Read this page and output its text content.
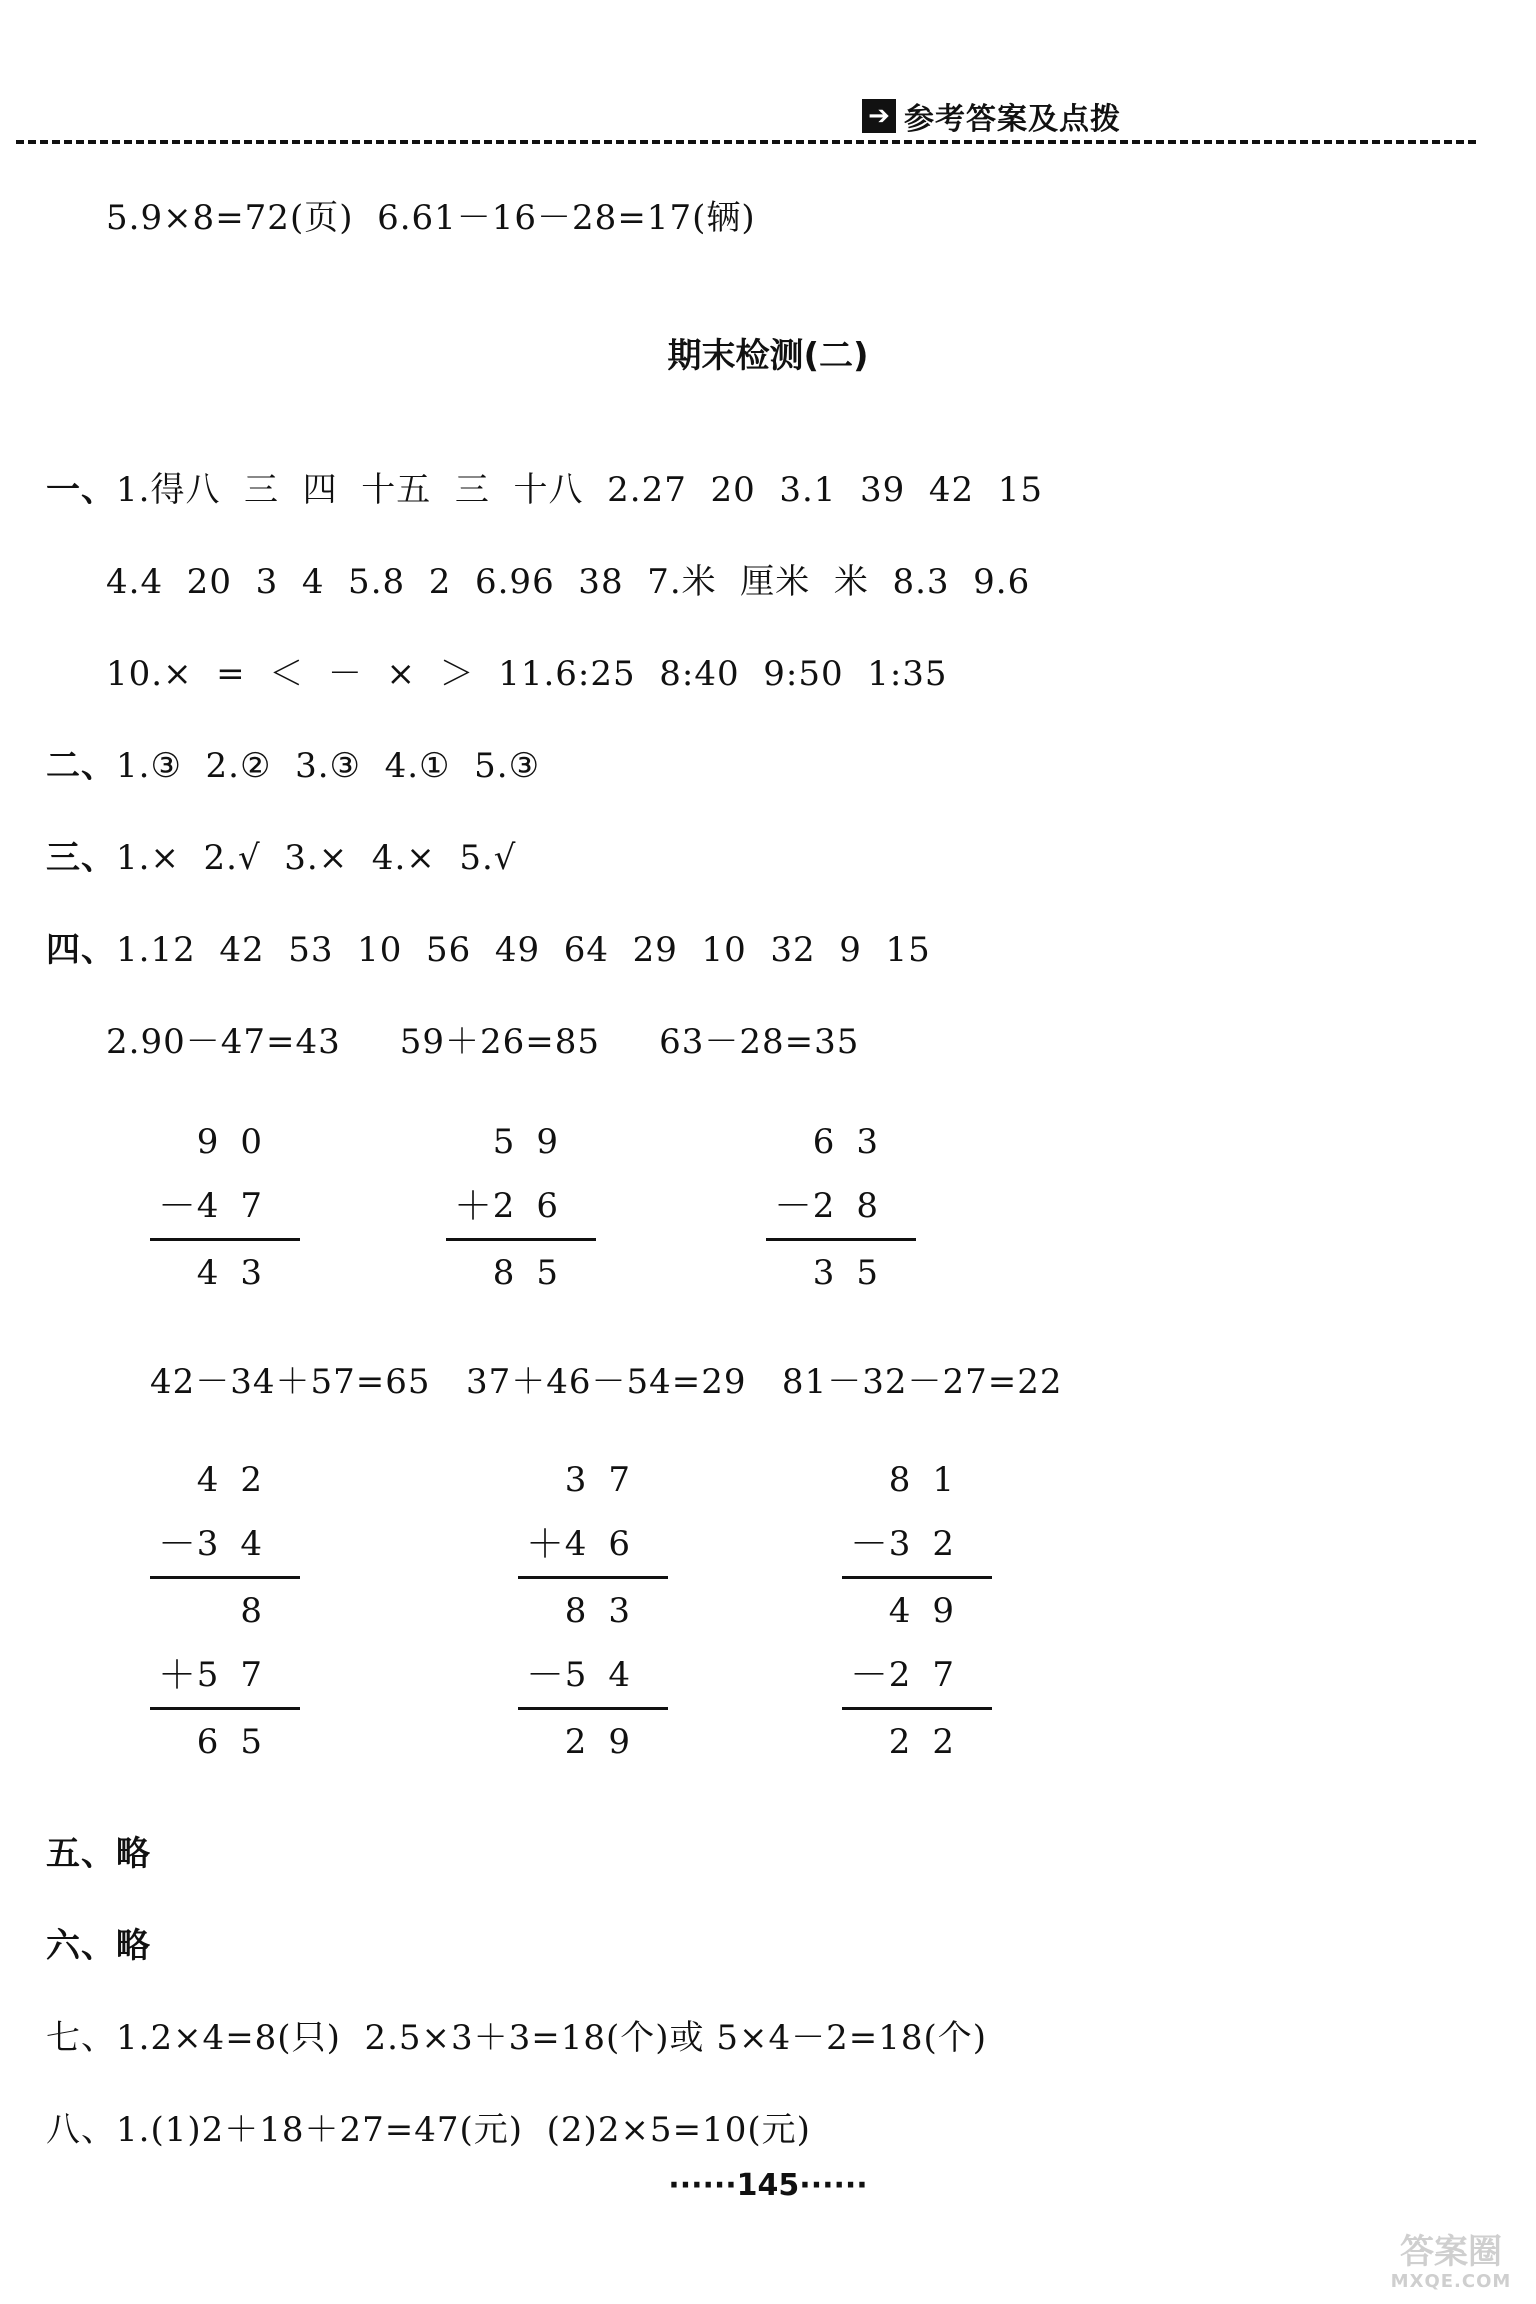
➔ 参考答案及点拨
5.9×8=72(页)  6.61－16－28=17(辆)
期末检测(二)
一、1.得八  三  四  十五  三  十八  2.27  20  3.1  39  42  15
4.4  20  3  4  5.8  2  6.96  38  7.米  厘米  米  8.3  9.6
10.×  =  ＜  －  ×  ＞  11.6:25  8:40  9:50  1:35
二、1.③  2.②  3.③  4.①  5.③
三、1.×  2.√  3.×  4.×  5.√
四、1.12  42  53  10  56  49  64  29  10  32  9  15
2.90－47=43     59＋26=85     63－28=35
90
－ 47
43
59
＋ 26
85
63
－ 28
35
42－34＋57=65   37＋46－54=29   81－32－27=22
42
－ 34
8
＋ 57
65
37
＋ 46
83
－ 54
29
81
－ 32
49
－ 27
22
五、略
六、略
七、1.2×4=8(只)  2.5×3＋3=18(个)或 5×4－2=18(个)
八、1.(1)2＋18＋27=47(元)  (2)2×5=10(元)
······145······
答案圈
MXQE.COM
